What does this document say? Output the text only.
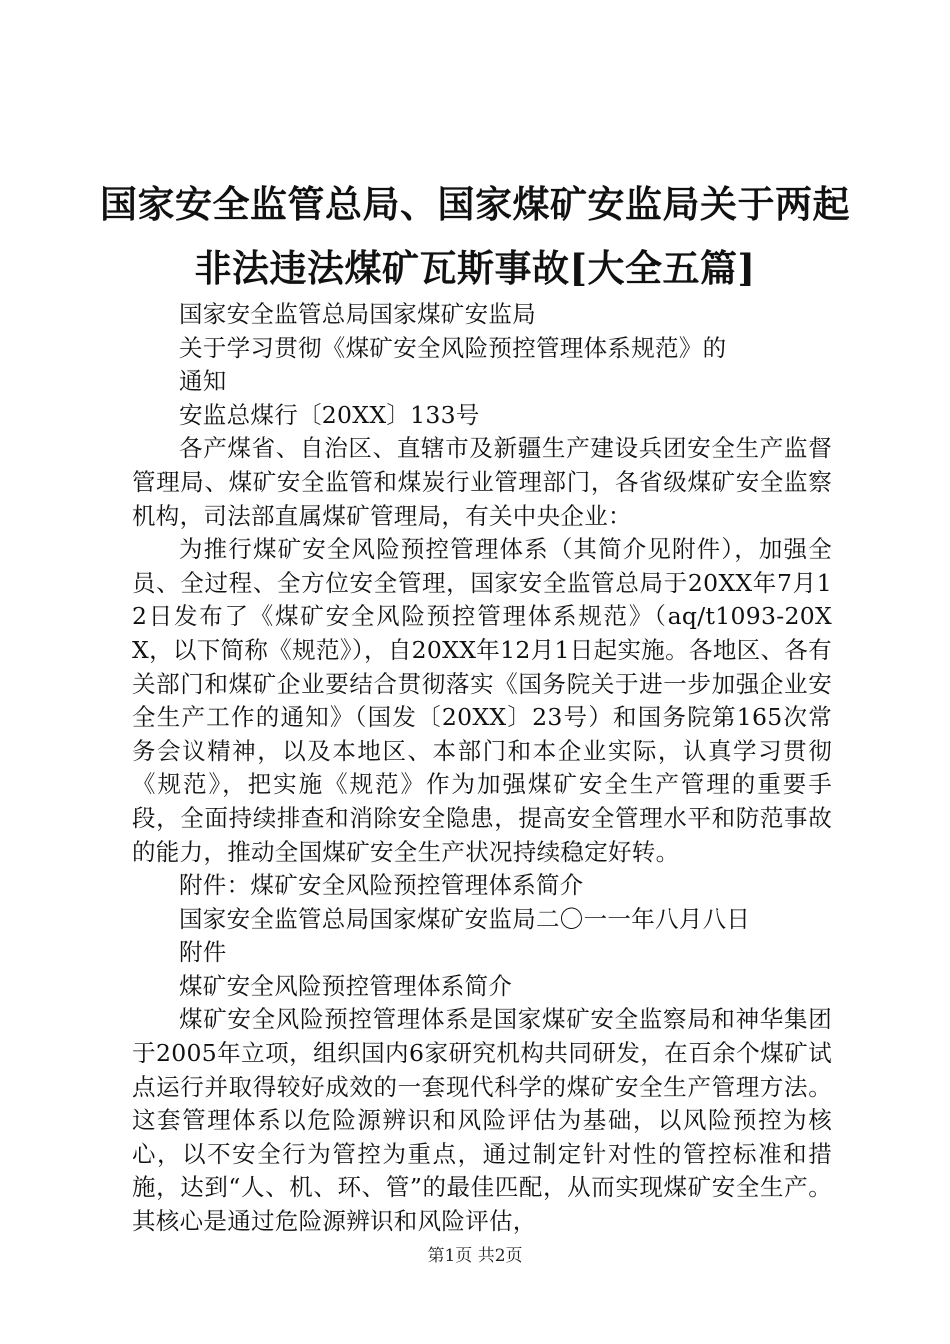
国家安全监管总局、国家煤矿安监局关于两起非法违法煤矿瓦斯事故[大全五篇]

国家安全监管总局国家煤矿安监局

关于学习贯彻《煤矿安全风险预控管理体系规范》的

通知

安监总煤行〔20XX〕133号

各产煤省、自治区、直辖市及新疆生产建设兵团安全生产监督管理局、煤矿安全监管和煤炭行业管理部门，各省级煤矿安全监察机构，司法部直属煤矿管理局，有关中央企业：

为推行煤矿安全风险预控管理体系（其简介见附件），加强全员、全过程、全方位安全管理，国家安全监管总局于20XX年7月12日发布了《煤矿安全风险预控管理体系规范》（aq/t1093-20XX，以下简称《规范》），自20XX年12月1日起实施。各地区、各有关部门和煤矿企业要结合贯彻落实《国务院关于进一步加强企业安全生产工作的通知》（国发〔20XX〕23号）和国务院第165次常务会议精神，以及本地区、本部门和本企业实际，认真学习贯彻《规范》，把实施《规范》作为加强煤矿安全生产管理的重要手段，全面持续排查和消除安全隐患，提高安全管理水平和防范事故的能力，推动全国煤矿安全生产状况持续稳定好转。

附件：煤矿安全风险预控管理体系简介

国家安全监管总局国家煤矿安监局二〇一一年八月八日

附件

煤矿安全风险预控管理体系简介

煤矿安全风险预控管理体系是国家煤矿安全监察局和神华集团于2005年立项，组织国内6家研究机构共同研发，在百余个煤矿试点运行并取得较好成效的一套现代科学的煤矿安全生产管理方法。这套管理体系以危险源辨识和风险评估为基础，以风险预控为核心，以不安全行为管控为重点，通过制定针对性的管控标准和措施，达到“人、机、环、管”的最佳匹配，从而实现煤矿安全生产。其核心是通过危险源辨识和风险评估，

第1页 共2页
